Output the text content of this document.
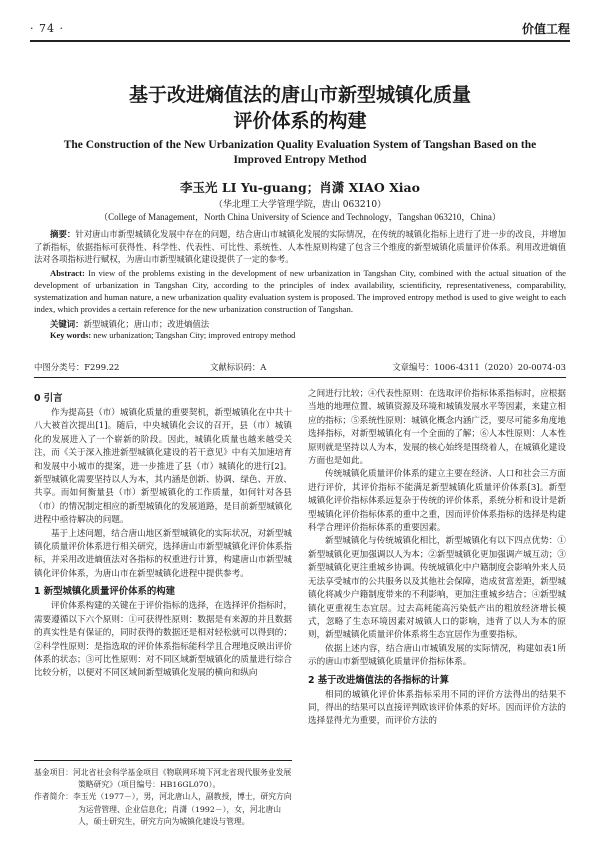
· 74 ·	价值工程
基于改进熵值法的唐山市新型城镇化质量
评价体系的构建
The Construction of the New Urbanization Quality Evaluation System of Tangshan Based on the
Improved Entropy Method
李玉光 LI Yu-guang；肖潇 XIAO Xiao
（华北理工大学管理学院，唐山 063210）
（College of Management，North China University of Science and Technology，Tangshan 063210，China）

摘要：针对唐山市新型城镇化发展中存在的问题，结合唐山市城镇化发展的实际情况，在传统的城镇化指标上进行了进一步的改良，并增加了新指标，依据指标可获得性、科学性、代表性、可比性、系统性、人本性原则构建了包含三个维度的新型城镇化质量评价体系。利用改进熵值法对各项指标进行赋权，为唐山市新型城镇化建设提供了一定的参考。

Abstract: In view of the problems existing in the development of new urbanization in Tangshan City, combined with the actual situation of the development of urbanization in Tangshan City, according to the principles of index availability, scientificity, representativeness, comparability, systematization and human nature, a new urbanization quality evaluation system is proposed. The improved entropy method is used to give weight to each index, which provides a certain reference for the new urbanization construction of Tangshan.

关键词：新型城镇化；唐山市；改进熵值法

Key words: new urbanization; Tangshan City; improved entropy method

中图分类号：F299.22	文献标识码：A	文章编号：1006-4311（2020）20-0074-03
0 引言

作为提高县（市）城镇化质量的重要契机，新型城镇化在中共十八大被首次提出[1]。随后，中央城镇化会议的召开，县（市）城镇化的发展进入了一个崭新的阶段。因此，城镇化质量也越来越受关注，而《关于深入推进新型城镇化建设的若干意见》中有关加速培育和发展中小城市的提案，进一步推进了县（市）城镇化的进行[2]。新型城镇化需要坚持以人为本，其内涵是创新、协调、绿色、开放、共享。而如何衡量县（市）新型城镇化的工作质量，如何针对各县（市）的情况制定相应的新型城镇化的发展道路，是目前新型城镇化进程中亟待解决的问题。

基于上述问题，结合唐山地区新型城镇化的实际状况，对新型城镇化质量评价体系进行相关研究，选择唐山市新型城镇化评价体系指标，并采用改进熵值法对各指标的权重进行计算，构建唐山市新型城镇化评价体系，为唐山市在新型城镇化进程中提供参考。

1 新型城镇化质量评价体系的构建

评价体系构建的关键在于评价指标的选择，在选择评价指标时，需要遵循以下六个原则：①可获得性原则：数据是有来源的并且数据的真实性是有保证的，同时获得的数据还是相对轻松就可以得到的；②科学性原则：是指选取的评价体系指标能科学且合理地反映出评价体系的状态；③可比性原则：对不同区域新型城镇化的质量进行综合比较分析，以便对不同区域间新型城镇化发展的横向和纵向

之间进行比较；④代表性原则：在选取评价指标体系指标时，应根据当地的地理位置、城镇资源及环境和城镇发展水平等因素，来建立相应的指标；⑤系统性原则：城镇化概念内涵广泛，要尽可能多角度地选择指标，对新型城镇化有一个全面的了解；⑥人本性原则：人本性原则就是坚持以人为本，发展的核心始终是围绕着人，在城镇化建设方面也是如此。

传统城镇化质量评价体系的建立主要在经济、人口和社会三方面进行评价，其评价指标不能满足新型城镇化质量评价体系[3]。新型城镇化评价指标体系远复杂于传统的评价体系，系统分析和设计是新型城镇化评价指标体系的重中之重，因而评价体系指标的选择是构建科学合理评价指标体系的重要因素。

新型城镇化与传统城镇化相比，新型城镇化有以下四点优势：①新型城镇化更加强调以人为本；②新型城镇化更加强调产城互动；③新型城镇化更注重城乡协调。传统城镇化中户籍制度会影响外来人员无法享受城市的公共服务以及其他社会保障，造成贫富差距，新型城镇化将减少户籍制度带来的不利影响，更加注重城乡结合；④新型城镇化更重视生态宜居。过去高耗能高污染低产出的粗放经济增长模式，忽略了生态环境因素对城镇人口的影响，违背了以人为本的原则，新型城镇化质量评价体系将生态宜居作为重要指标。

依据上述内容，结合唐山市城镇发展的实际情况，构建如表1所示的唐山市新型城镇化质量评价指标体系。

2 基于改进熵值法的各指标的计算

相同的城镇化评价体系指标采用不同的评价方法得出的结果不同，得出的结果可以直接评判欧该评价体系的好坏。因而评价方法的选择显得尤为重要，而评价方法的

基金项目：河北省社会科学基金项目《物联网环境下河北省现代服务业发展策略研究》（项目编号：HB16GL070）。
作者简介：李玉光（1977－），男，河北唐山人，副教授，博士，研究方向为运营管理、企业信息化；肖潇（1992－），女，河北唐山人，硕士研究生，研究方向为城镇化建设与管理。
